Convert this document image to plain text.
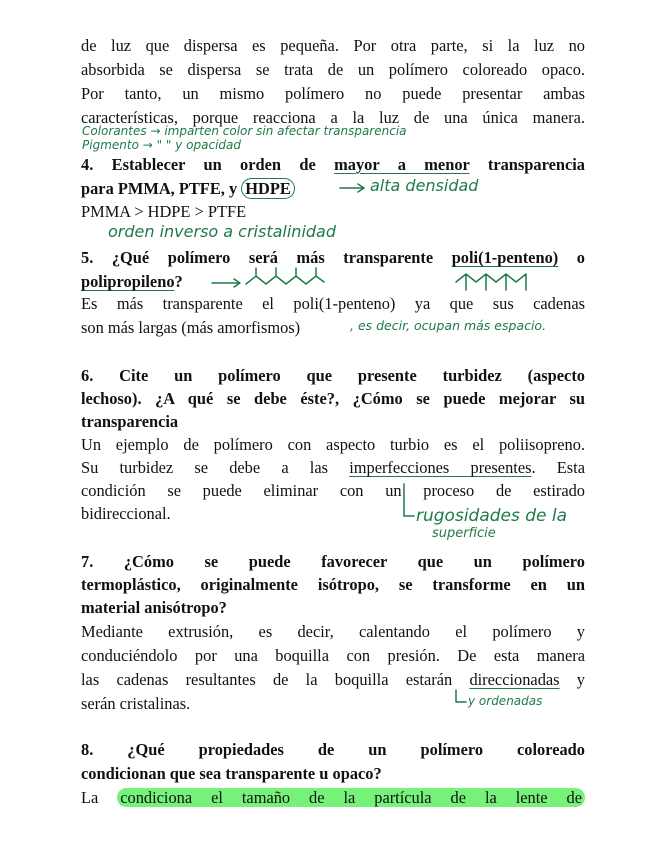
de luz que dispersa es pequeña. Por otra parte, si la luz no
absorbida se dispersa se trata de un polímero coloreado opaco.
Por tanto, un mismo polímero no puede presentar ambas
características, porque reacciona a la luz de una única manera.
Colorantes → imparten color sin afectar transparencia
Pigmento → " " y opacidad
4. Establecer un orden de mayor a menor transparencia
para PMMA, PTFE, y HDPE	alta densidad
PMMA > HDPE > PTFE
orden inverso a cristalinidad
5. ¿Qué polímero será más transparente poli(1-penteno) o
polipropileno?
Es más transparente el poli(1-penteno) ya que sus cadenas
son más largas (más amorfismos)	, es decir, ocupan más espacio.
6. Cite un polímero que presente turbidez (aspecto
lechoso). ¿A qué se debe éste?, ¿Cómo se puede mejorar su
transparencia
Un ejemplo de polímero con aspecto turbio es el poliisopreno.
Su turbidez se debe a las imperfecciones presentes. Esta
condición se puede eliminar con un proceso de estirado
bidireccional.	rugosidades de la
superficie
7. ¿Cómo se puede favorecer que un polímero
termoplástico, originalmente isótropo, se transforme en un
material anisótropo?
Mediante extrusión, es decir, calentando el polímero y
conduciéndolo por una boquilla con presión. De esta manera
las cadenas resultantes de la boquilla estarán direccionadas y
serán cristalinas.	y ordenadas
8. ¿Qué propiedades de un polímero coloreado
condicionan que sea transparente u opaco?
La condiciona el tamaño de la partícula de la lente de
